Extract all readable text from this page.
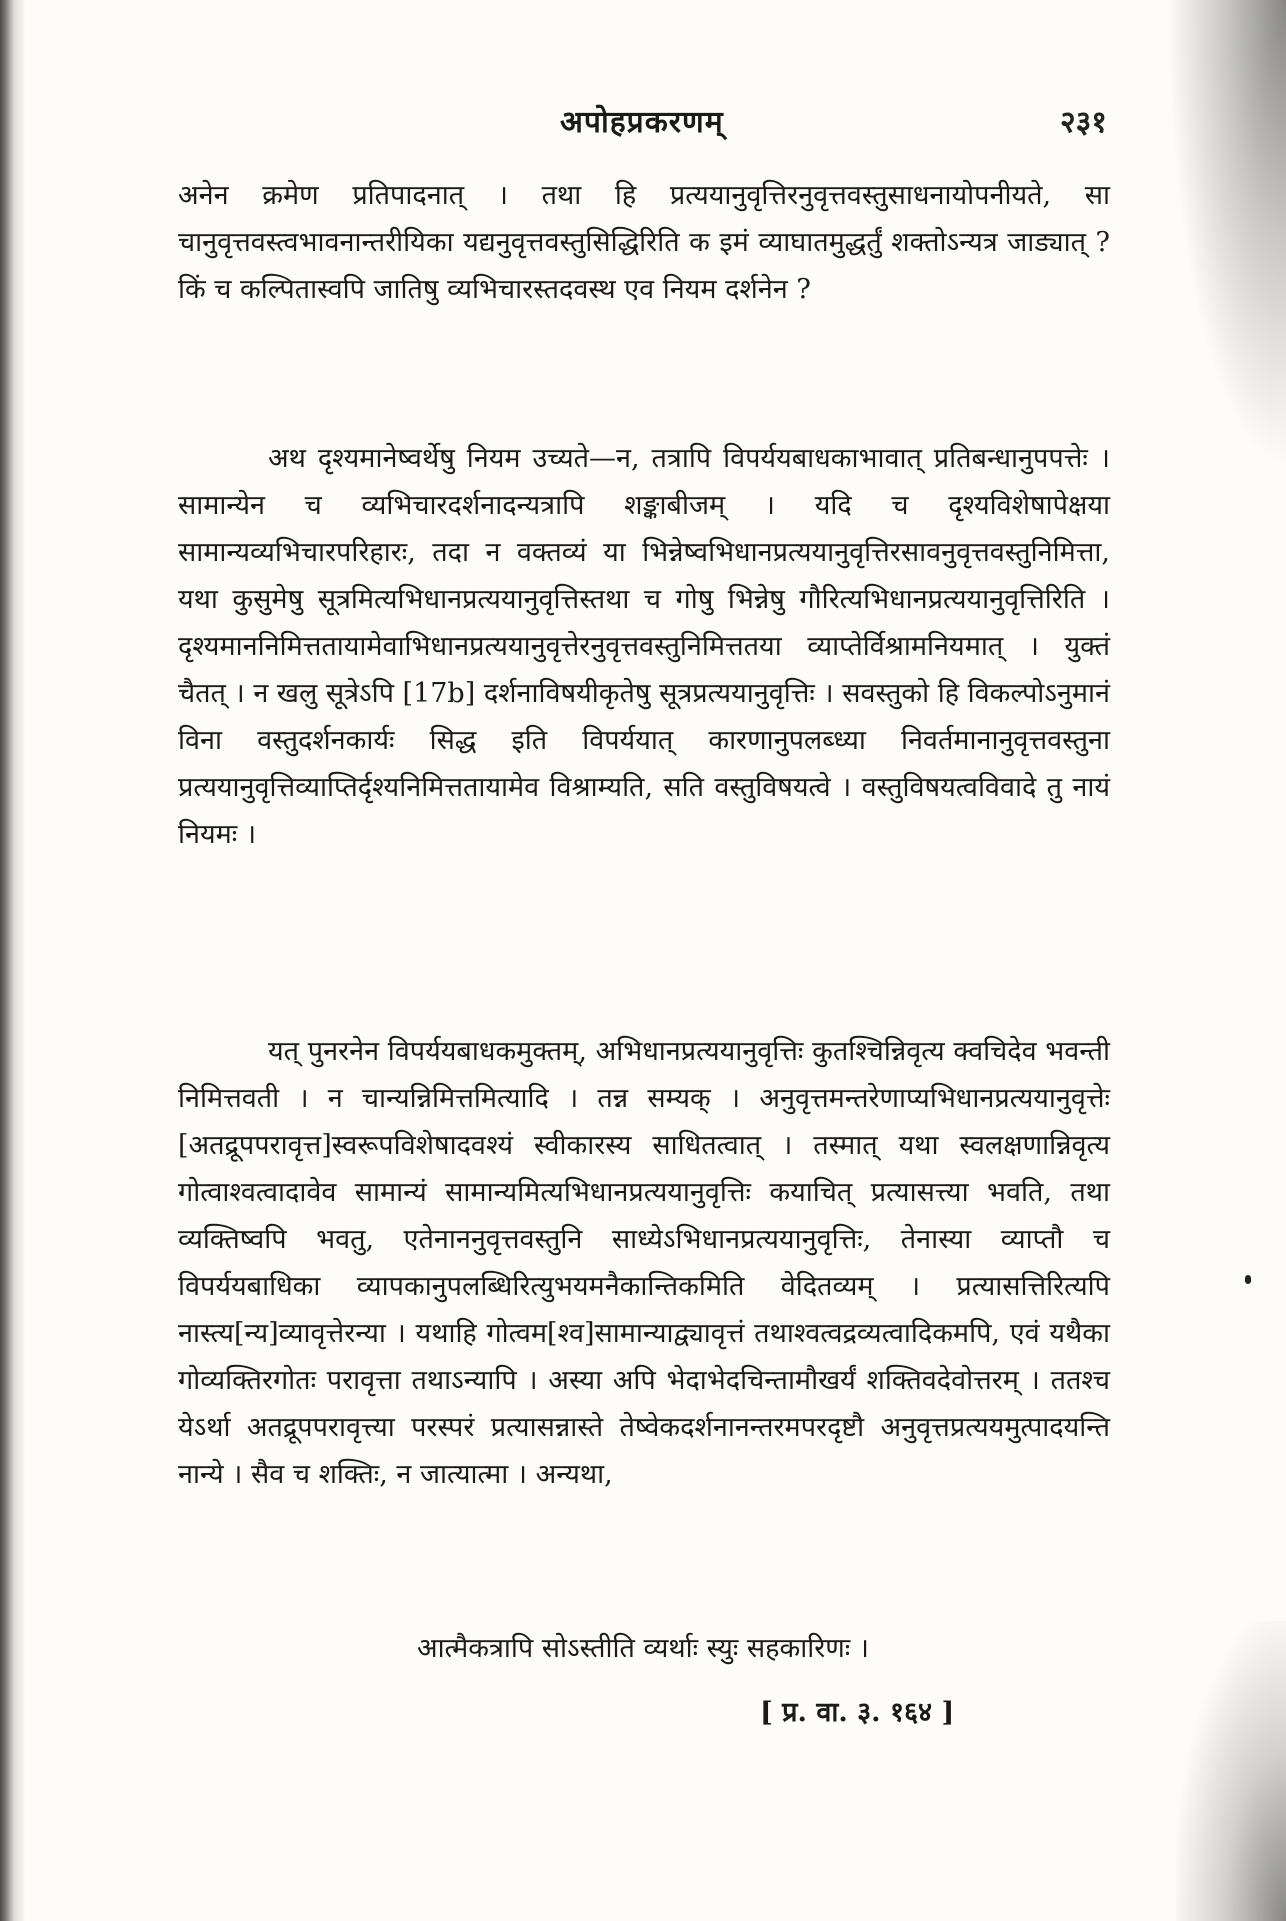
अपोहप्रकरणम्	२३१

अनेन क्रमेण प्रतिपादनात् । तथा हि प्रत्ययानुवृत्तिरनुवृत्तवस्तुसाधनायोपनीयते, सा चानुवृत्तवस्त्वभावनान्तरीयिका यद्यनुवृत्तवस्तुसिद्धिरिति क इमं व्याघातमुद्धर्तुं शक्तोऽन्यत्र जाड्यात् ? किं च कल्पितास्वपि जातिषु व्यभिचारस्तदवस्थ एव नियम दर्शनेन ?

अथ दृश्यमानेष्वर्थेषु नियम उच्यते—न, तत्रापि विपर्ययबाधकाभावात् प्रतिबन्धानुपपत्तेः । सामान्येन च व्यभिचारदर्शनादन्यत्रापि शङ्काबीजम् । यदि च दृश्यविशेषापेक्षया सामान्यव्यभिचारपरिहारः, तदा न वक्तव्यं या भिन्नेष्वभिधानप्रत्ययानुवृत्तिरसावनुवृत्तवस्तुनिमित्ता, यथा कुसुमेषु सूत्रमित्यभिधानप्रत्ययानुवृत्तिस्तथा च गोषु भिन्नेषु गौरित्यभिधानप्रत्ययानुवृत्तिरिति । दृश्यमाननिमित्ततायामेवाभिधानप्रत्ययानुवृत्तेरनुवृत्तवस्तुनिमित्ततया व्याप्तेर्विश्रामनियमात् । युक्तं चैतत् । न खलु सूत्रेऽपि [17b] दर्शनाविषयीकृतेषु सूत्रप्रत्ययानुवृत्तिः । सवस्तुको हि विकल्पोऽनुमानं विना वस्तुदर्शनकार्यः सिद्ध इति विपर्ययात् कारणानुपलब्ध्या निवर्तमानानुवृत्तवस्तुना प्रत्ययानुवृत्तिव्याप्तिर्दृश्यनिमित्ततायामेव विश्राम्यति, सति वस्तुविषयत्वे । वस्तुविषयत्वविवादे तु नायं नियमः ।

यत् पुनरनेन विपर्ययबाधकमुक्तम्, अभिधानप्रत्ययानुवृत्तिः कुतश्चिन्निवृत्य क्वचिदेव भवन्ती निमित्तवती । न चान्यन्निमित्तमित्यादि । तन्न सम्यक् । अनुवृत्तमन्तरेणाप्यभिधानप्रत्ययानुवृत्तेः [अतद्रूपपरावृत्त]स्वरूपविशेषादवश्यं स्वीकारस्य साधितत्वात् । तस्मात् यथा स्वलक्षणान्निवृत्य गोत्वाश्वत्वादावेव सामान्यं सामान्यमित्यभिधानप्रत्ययानुवृत्तिः कयाचित् प्रत्यासत्त्या भवति, तथा व्यक्तिष्वपि भवतु, एतेनाननुवृत्तवस्तुनि साध्येऽभिधानप्रत्ययानुवृत्तिः, तेनास्या व्याप्तौ च विपर्ययबाधिका व्यापकानुपलब्धिरित्युभयमनैकान्तिकमिति वेदितव्यम् । प्रत्यासत्तिरित्यपि नास्त्य[न्य]व्यावृत्तेरन्या । यथाहि गोत्वम[श्व]सामान्याद्व्यावृत्तं तथाश्वत्वद्रव्यत्वादिकमपि, एवं यथैका गोव्यक्तिरगोतः परावृत्ता तथाऽन्यापि । अस्या अपि भेदाभेदचिन्तामौखर्यं शक्तिवदेवोत्तरम् । ततश्च येऽर्था अतद्रूपपरावृत्त्या परस्परं प्रत्यासन्नास्ते तेष्वेकदर्शनानन्तरमपरदृष्टौ अनुवृत्तप्रत्ययमुत्पादयन्ति नान्ये । सैव च शक्तिः, न जात्यात्मा । अन्यथा,

आत्मैकत्रापि सोऽस्तीति व्यर्थाः स्युः सहकारिणः ।
[ प्र. वा. ३. १६४ ]
